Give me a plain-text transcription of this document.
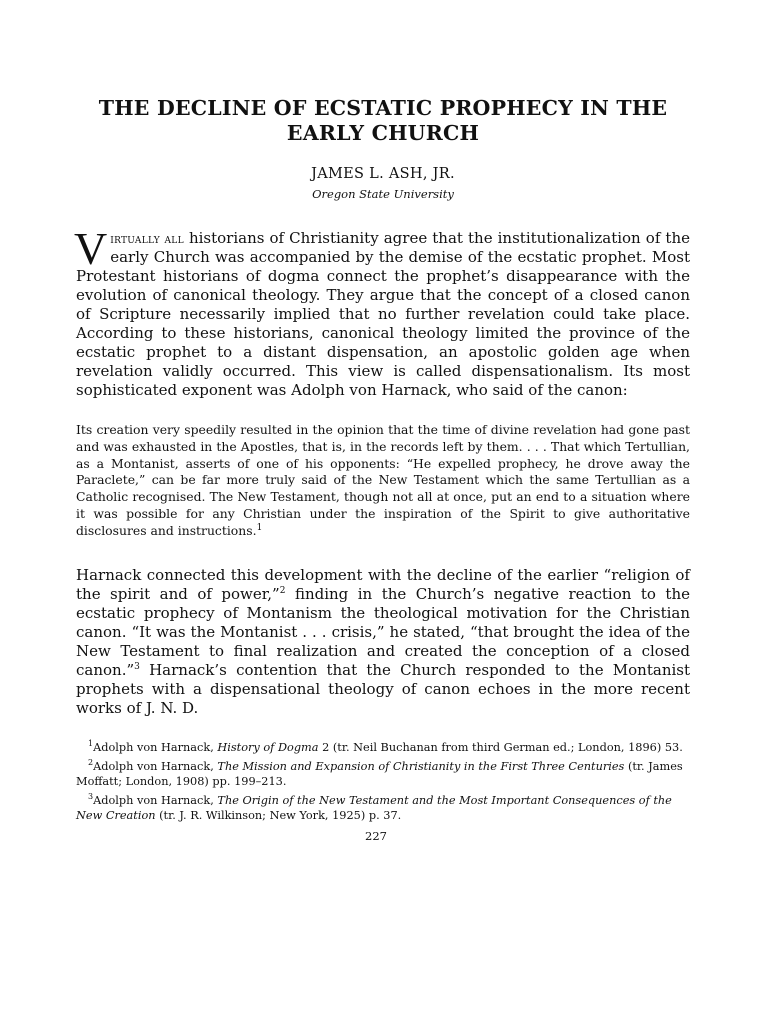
THE DECLINE OF ECSTATIC PROPHECY IN THE
EARLY CHURCH
JAMES L. ASH, JR.
Oregon State University

Virtually all historians of Christianity agree that the institutionalization of the early Church was accompanied by the demise of the ecstatic prophet. Most Protestant historians of dogma connect the prophet’s disappearance with the evolution of canonical theology. They argue that the concept of a closed canon of Scripture necessarily implied that no further revelation could take place. According to these historians, canonical theology limited the province of the ecstatic prophet to a distant dispensation, an apostolic golden age when revelation validly occurred. This view is called dispensationalism. Its most sophisticated exponent was Adolph von Harnack, who said of the canon:

Its creation very speedily resulted in the opinion that the time of divine revelation had gone past and was exhausted in the Apostles, that is, in the records left by them. . . . That which Tertullian, as a Montanist, asserts of one of his opponents: “He expelled prophecy, he drove away the Paraclete,” can be far more truly said of the New Testament which the same Tertullian as a Catholic recognised. The New Testament, though not all at once, put an end to a situation where it was possible for any Christian under the inspiration of the Spirit to give authoritative disclosures and instructions.$^1$

Harnack connected this development with the decline of the earlier “religion of the spirit and of power,”$^2$ finding in the Church’s negative reaction to the ecstatic prophecy of Montanism the theological motivation for the Christian canon. “It was the Montanist . . . crisis,” he stated, “that brought the idea of the New Testament to final realization and created the conception of a closed canon.”$^3$ Harnack’s contention that the Church responded to the Montanist prophets with a dispensational theology of canon echoes in the more recent works of J. N. D.

$^1$Adolph von Harnack, History of Dogma 2 (tr. Neil Buchanan from third German ed.; London, 1896) 53.

$^2$Adolph von Harnack, The Mission and Expansion of Christianity in the First Three Centuries (tr. James Moffatt; London, 1908) pp. 199–213.

$^3$Adolph von Harnack, The Origin of the New Testament and the Most Important Consequences of the New Creation (tr. J. R. Wilkinson; New York, 1925) p. 37.

227
